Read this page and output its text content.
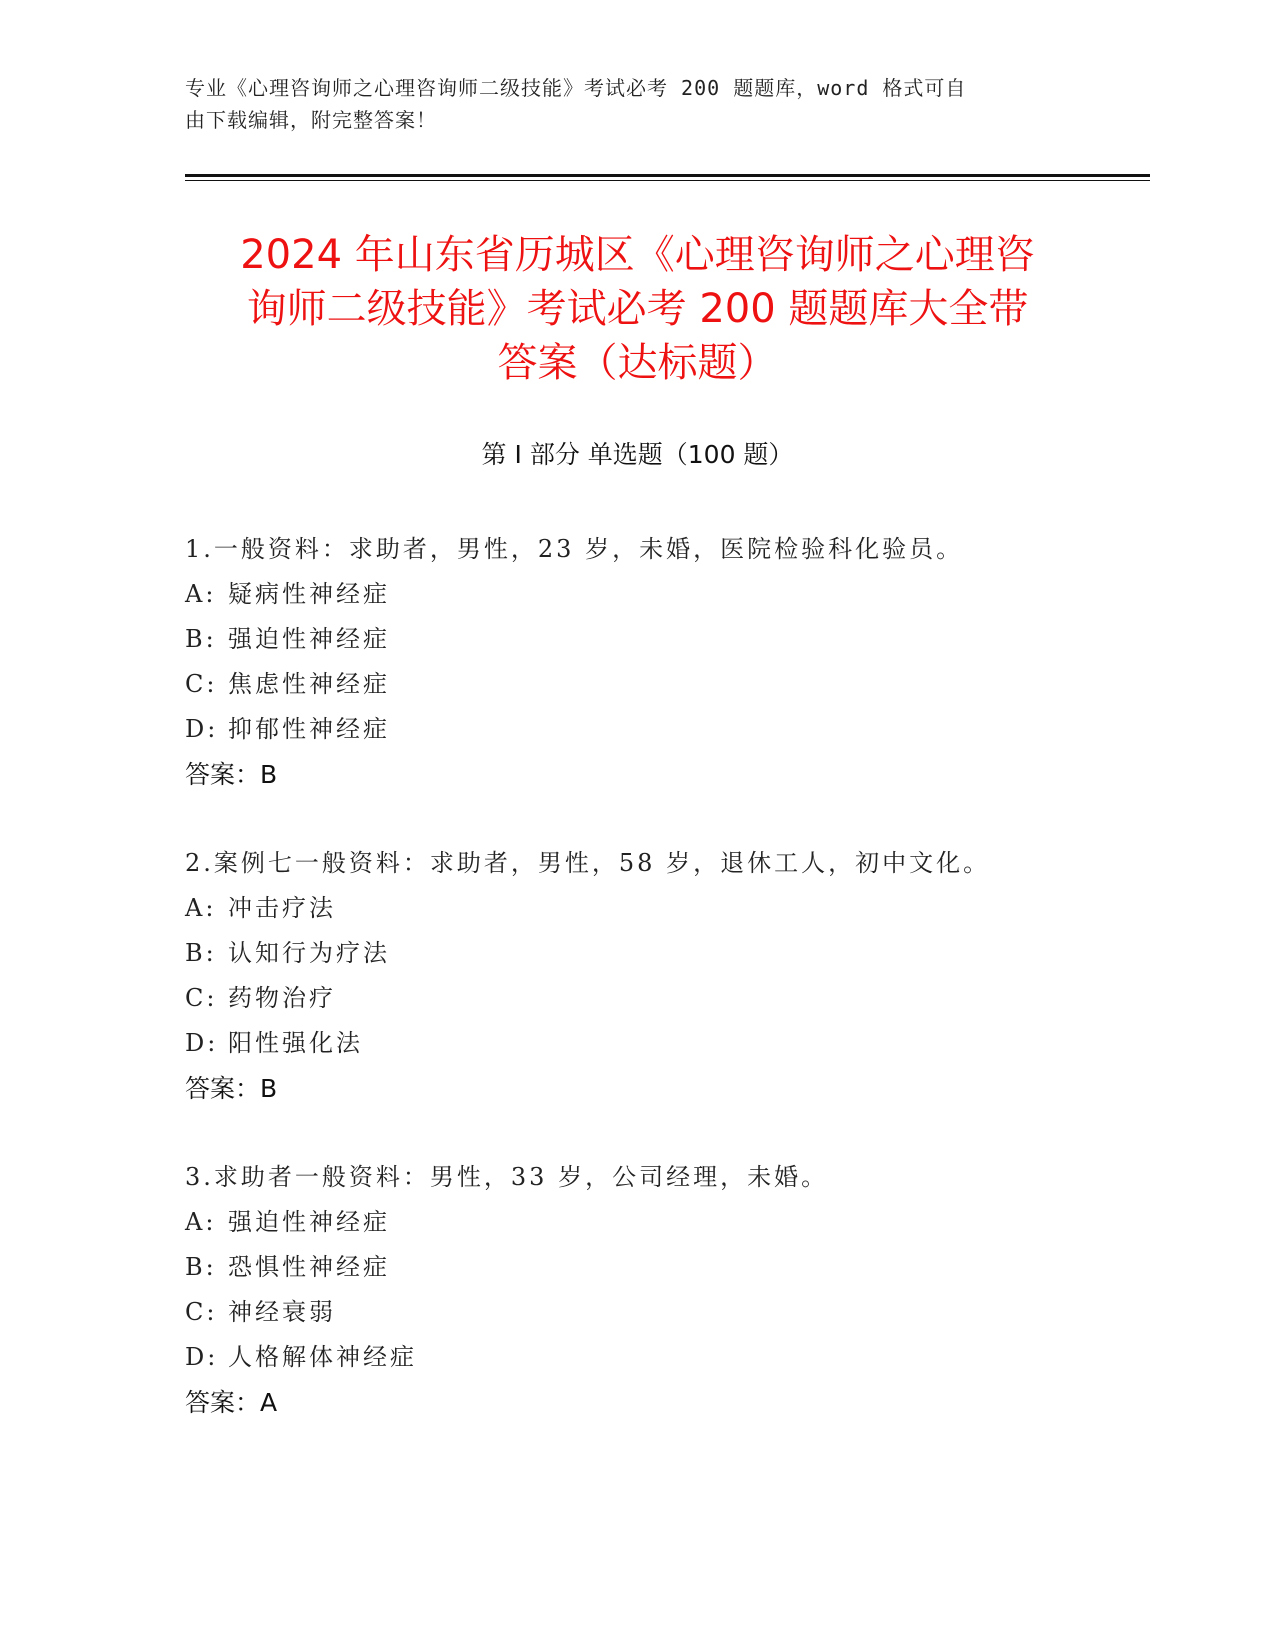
专业《心理咨询师之心理咨询师二级技能》考试必考 200 题题库，word 格式可自
由下载编辑，附完整答案！
2024 年山东省历城区《心理咨询师之心理咨
询师二级技能》考试必考 200 题题库大全带
答案（达标题）
第 I 部分 单选题（100 题）
1.一般资料：求助者，男性，23 岁，未婚，医院检验科化验员。
A: 疑病性神经症
B: 强迫性神经症
C: 焦虑性神经症
D: 抑郁性神经症
答案：B
2.案例七一般资料：求助者，男性，58 岁，退休工人，初中文化。
A: 冲击疗法
B: 认知行为疗法
C: 药物治疗
D: 阳性强化法
答案：B
3.求助者一般资料：男性，33 岁，公司经理，未婚。
A: 强迫性神经症
B: 恐惧性神经症
C: 神经衰弱
D: 人格解体神经症
答案：A
